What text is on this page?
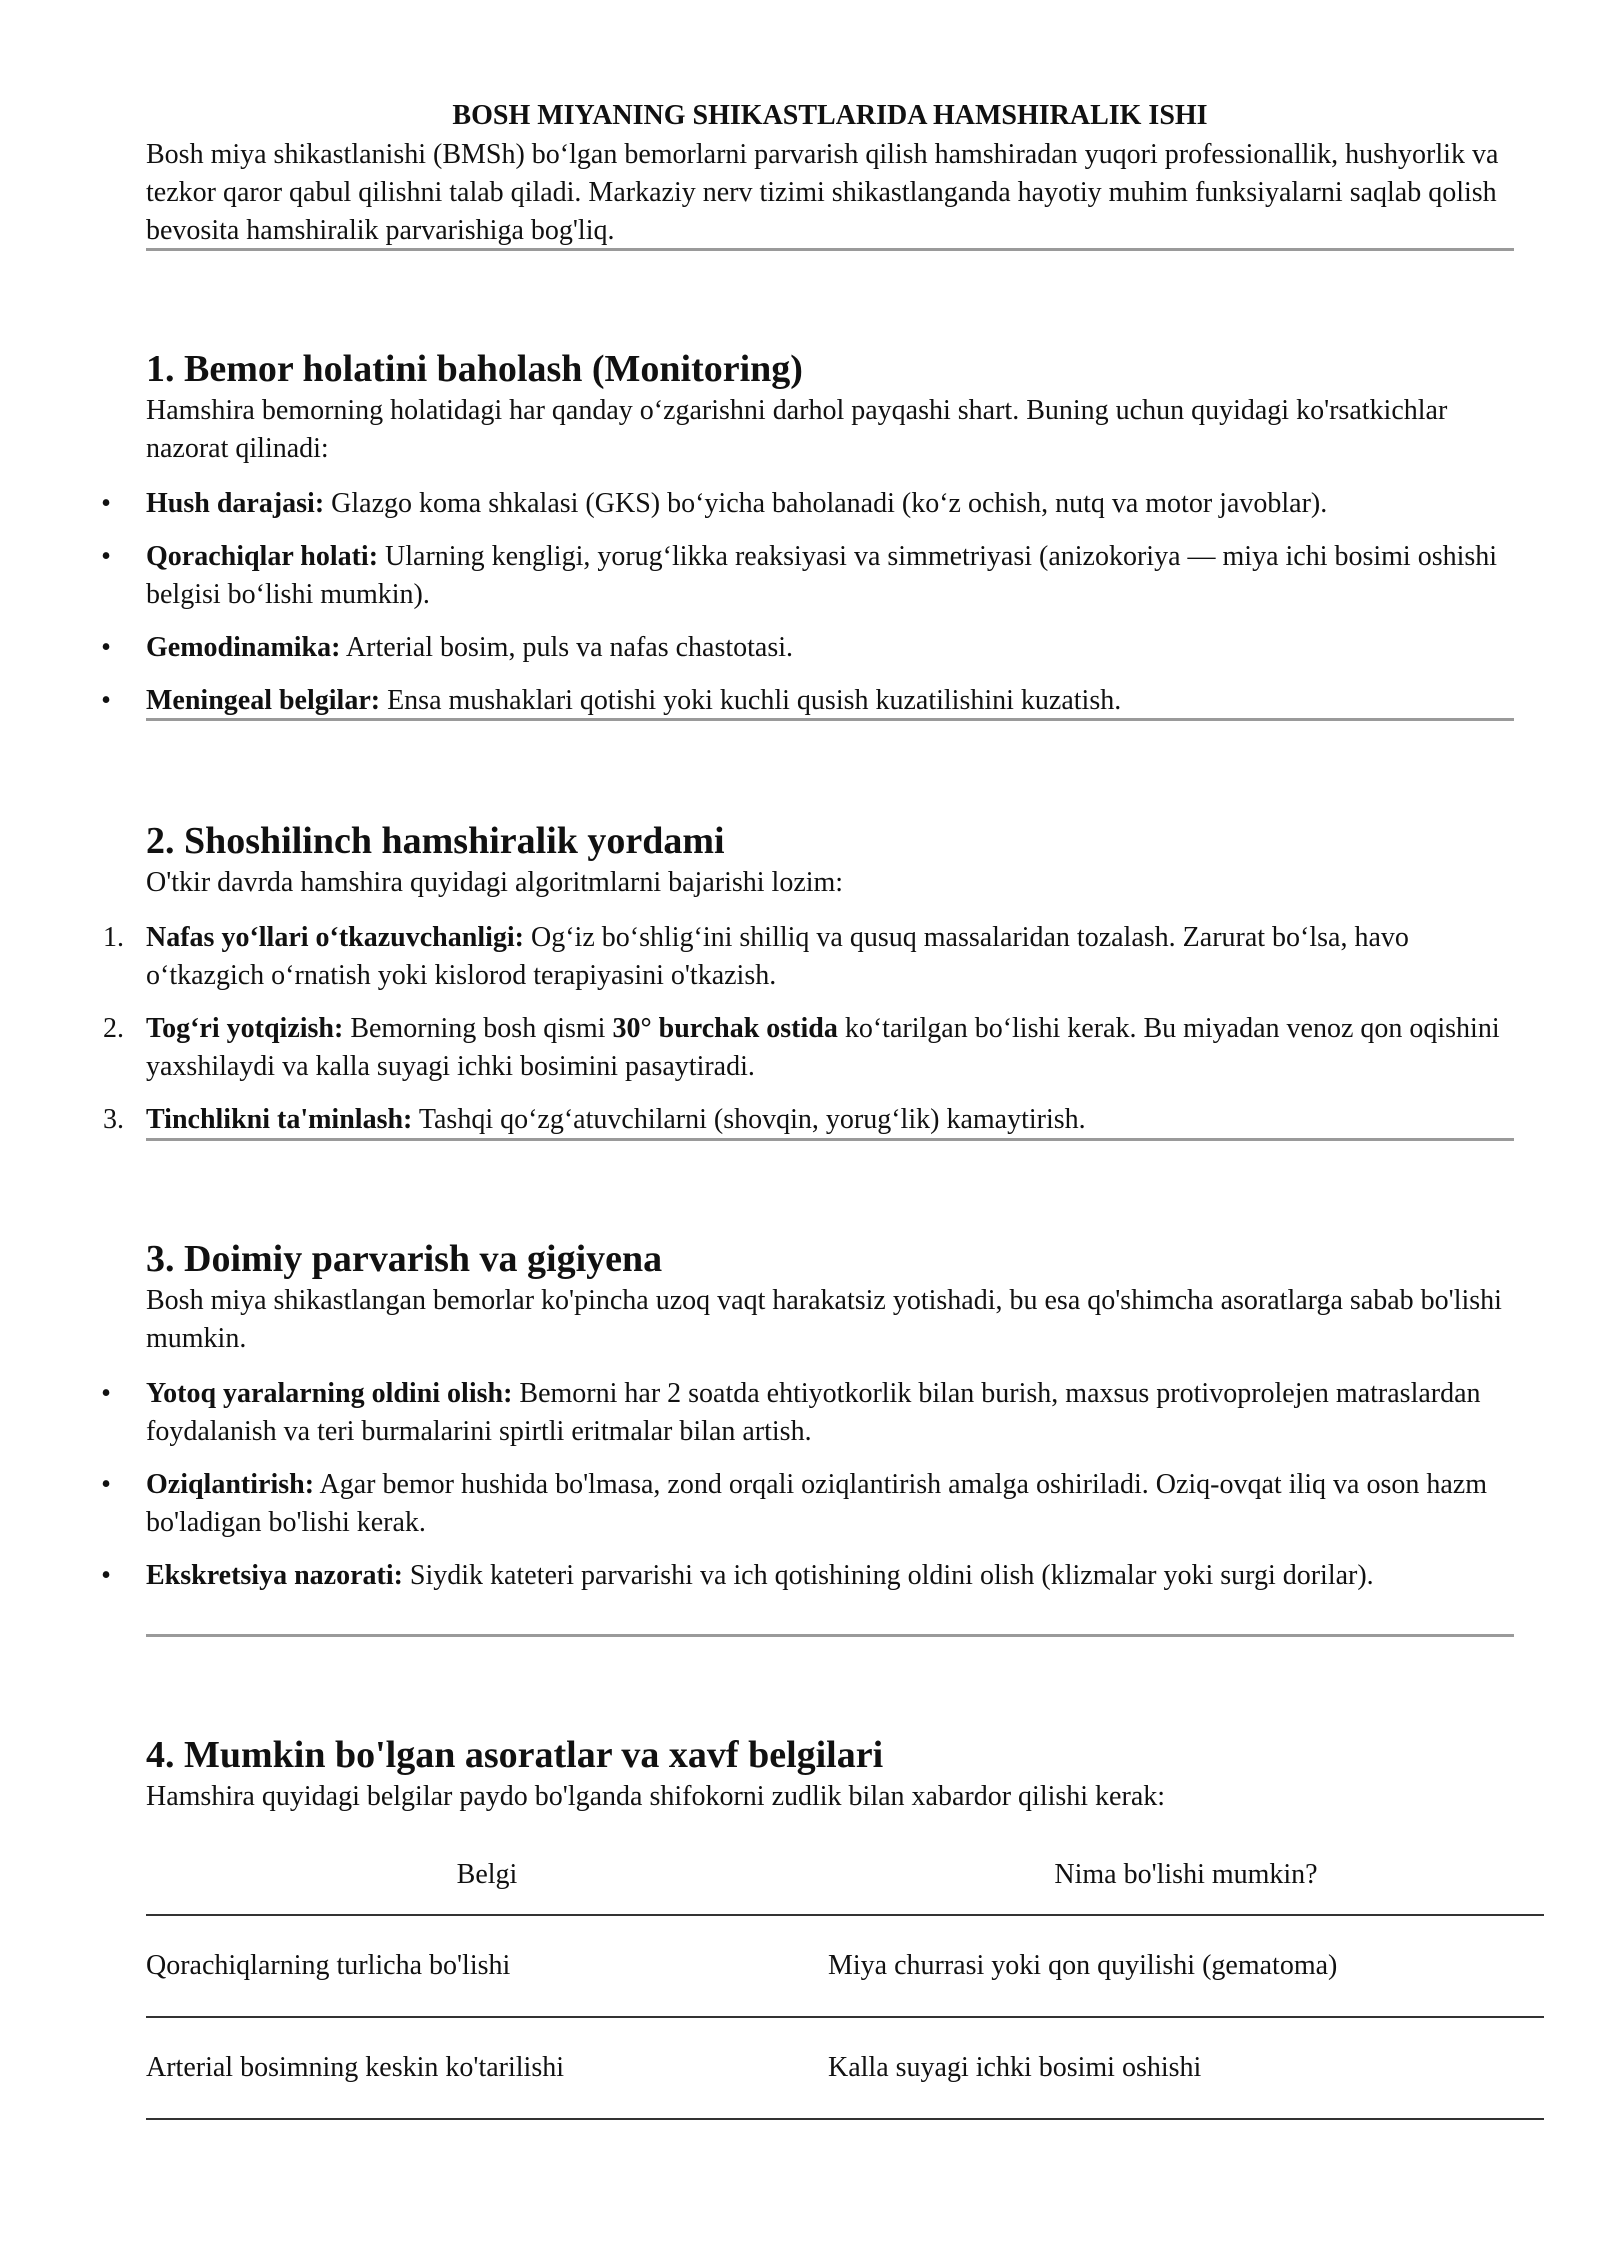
BOSH MIYANING SHIKASTLARIDA HAMSHIRALIK ISHI

Bosh miya shikastlanishi (BMSh) bo‘lgan bemorlarni parvarish qilish hamshiradan yuqori professionallik, hushyorlik va tezkor qaror qabul qilishni talab qiladi. Markaziy nerv tizimi shikastlanganda hayotiy muhim funksiyalarni saqlab qolish bevosita hamshiralik parvarishiga bog'liq.

1. Bemor holatini baholash (Monitoring)

Hamshira bemorning holatidagi har qanday o‘zgarishni darhol payqashi shart. Buning uchun quyidagi ko'rsatkichlar nazorat qilinadi:

• Hush darajasi: Glazgo koma shkalasi (GKS) bo‘yicha baholanadi (ko‘z ochish, nutq va motor javoblar).
• Qorachiqlar holati: Ularning kengligi, yorug‘likka reaksiyasi va simmetriyasi (anizokoriya — miya ichi bosimi oshishi belgisi bo‘lishi mumkin).
• Gemodinamika: Arterial bosim, puls va nafas chastotasi.
• Meningeal belgilar: Ensa mushaklari qotishi yoki kuchli qusish kuzatilishini kuzatish.
2. Shoshilinch hamshiralik yordami

O'tkir davrda hamshira quyidagi algoritmlarni bajarishi lozim:

1. Nafas yo‘llari o‘tkazuvchanligi: Og‘iz bo‘shlig‘ini shilliq va qusuq massalaridan tozalash. Zarurat bo‘lsa, havo o‘tkazgich o‘rnatish yoki kislorod terapiyasini o'tkazish.
2. Tog‘ri yotqizish: Bemorning bosh qismi 30° burchak ostida ko‘tarilgan bo‘lishi kerak. Bu miyadan venoz qon oqishini yaxshilaydi va kalla suyagi ichki bosimini pasaytiradi.
3. Tinchlikni ta'minlash: Tashqi qo‘zg‘atuvchilarni (shovqin, yorug‘lik) kamaytirish.
3. Doimiy parvarish va gigiyena

Bosh miya shikastlangan bemorlar ko'pincha uzoq vaqt harakatsiz yotishadi, bu esa qo'shimcha asoratlarga sabab bo'lishi mumkin.

• Yotoq yaralarning oldini olish: Bemorni har 2 soatda ehtiyotkorlik bilan burish, maxsus protivoprolejen matraslardan foydalanish va teri burmalarini spirtli eritmalar bilan artish.
• Oziqlantirish: Agar bemor hushida bo'lmasa, zond orqali oziqlantirish amalga oshiriladi. Oziq-ovqat iliq va oson hazm bo'ladigan bo'lishi kerak.
• Ekskretsiya nazorati: Siydik kateteri parvarishi va ich qotishining oldini olish (klizmalar yoki surgi dorilar).
4. Mumkin bo'lgan asoratlar va xavf belgilari

Hamshira quyidagi belgilar paydo bo'lganda shifokorni zudlik bilan xabardor qilishi kerak:

Belgi	Nima bo'lishi mumkin?
Qorachiqlarning turlicha bo'lishi	Miya churrasi yoki qon quyilishi (gematoma)
Arterial bosimning keskin ko'tarilishi	Kalla suyagi ichki bosimi oshishi
